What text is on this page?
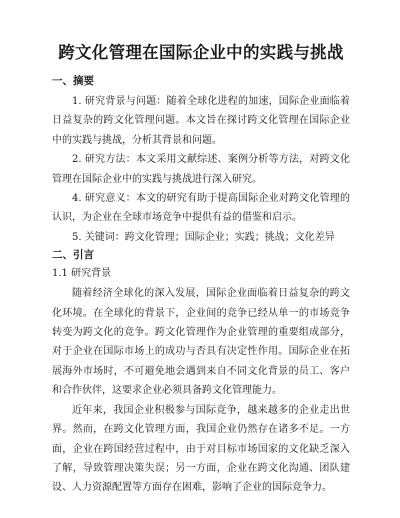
跨文化管理在国际企业中的实践与挑战
一、摘要

1. 研究背景与问题：随着全球化进程的加速，国际企业面临着日益复杂的跨文化管理问题。本文旨在探讨跨文化管理在国际企业中的实践与挑战，分析其背景和问题。

2. 研究方法：本文采用文献综述、案例分析等方法，对跨文化管理在国际企业中的实践与挑战进行深入研究。

4. 研究意义：本文的研究有助于提高国际企业对跨文化管理的认识，为企业在全球市场竞争中提供有益的借鉴和启示。

5. 关键词：跨文化管理；国际企业；实践；挑战；文化差异

二、引言
1.1 研究背景

随着经济全球化的深入发展，国际企业面临着日益复杂的跨文化环境。在全球化的背景下，企业间的竞争已经从单一的市场竞争转变为跨文化的竞争。跨文化管理作为企业管理的重要组成部分，对于企业在国际市场上的成功与否具有决定性作用。国际企业在拓展海外市场时，不可避免地会遇到来自不同文化背景的员工、客户和合作伙伴，这要求企业必须具备跨文化管理能力。

近年来，我国企业积极参与国际竞争，越来越多的企业走出世界。然而，在跨文化管理方面，我国企业仍然存在诸多不足。一方面，企业在跨国经营过程中，由于对目标市场国家的文化缺乏深入了解，导致管理决策失误；另一方面，企业在跨文化沟通、团队建设、人力资源配置等方面存在困难，影响了企业的国际竞争力。
